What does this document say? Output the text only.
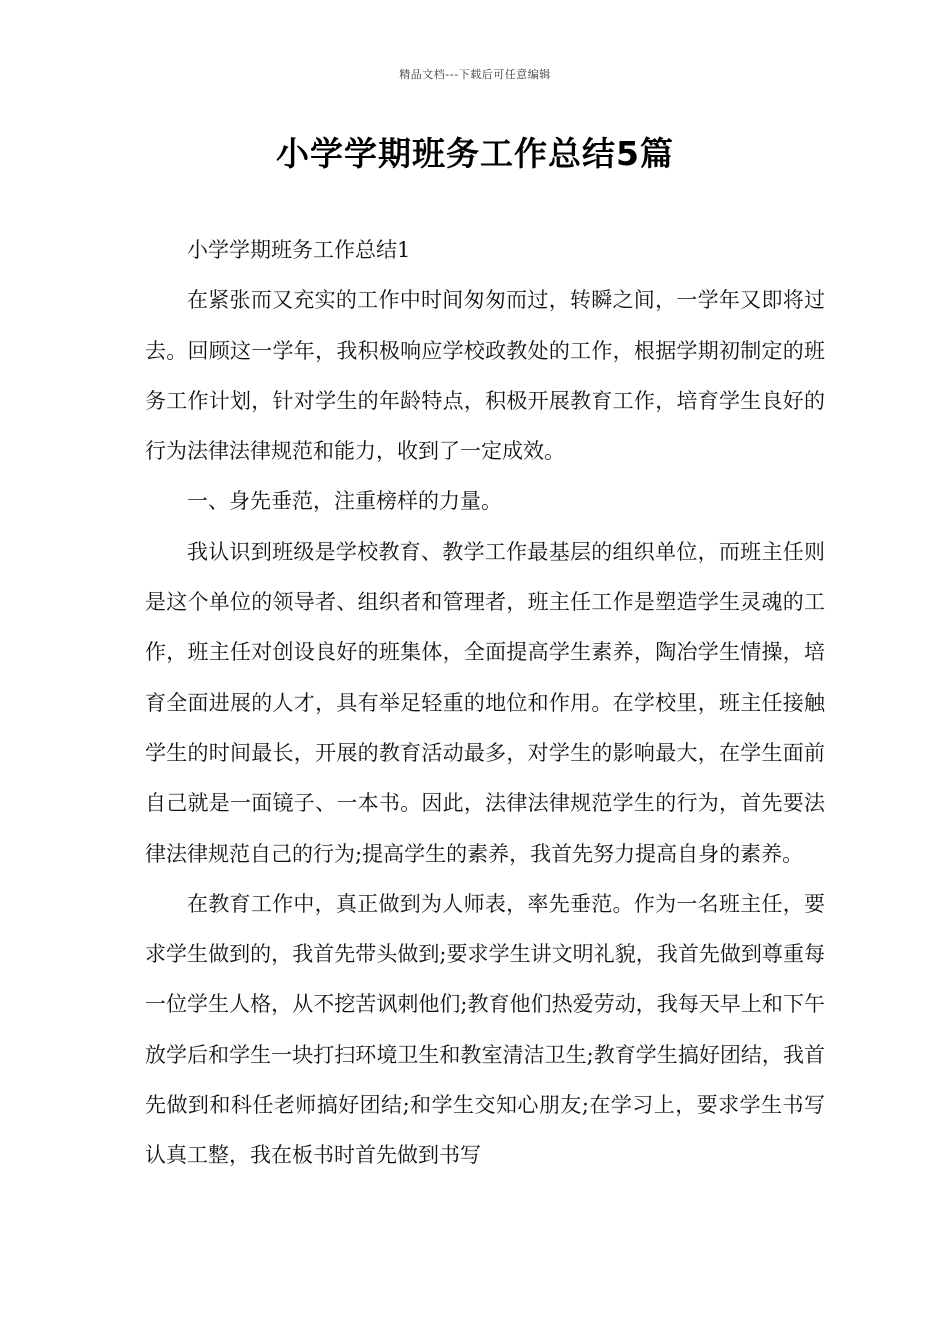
精品文档---下载后可任意编辑
小学学期班务工作总结5篇

小学学期班务工作总结1

在紧张而又充实的工作中时间匆匆而过，转瞬之间，一学年又即将过去。回顾这一学年，我积极响应学校政教处的工作，根据学期初制定的班务工作计划，针对学生的年龄特点，积极开展教育工作，培育学生良好的行为法律法律规范和能力，收到了一定成效。

一、身先垂范，注重榜样的力量。

我认识到班级是学校教育、教学工作最基层的组织单位，而班主任则是这个单位的领导者、组织者和管理者，班主任工作是塑造学生灵魂的工作，班主任对创设良好的班集体，全面提高学生素养，陶冶学生情操，培育全面进展的人才，具有举足轻重的地位和作用。在学校里，班主任接触学生的时间最长，开展的教育活动最多，对学生的影响最大，在学生面前自己就是一面镜子、一本书。因此，法律法律规范学生的行为，首先要法律法律规范自己的行为;提高学生的素养，我首先努力提高自身的素养。

在教育工作中，真正做到为人师表，率先垂范。作为一名班主任，要求学生做到的，我首先带头做到;要求学生讲文明礼貌，我首先做到尊重每一位学生人格，从不挖苦讽刺他们;教育他们热爱劳动，我每天早上和下午放学后和学生一块打扫环境卫生和教室清洁卫生;教育学生搞好团结，我首先做到和科任老师搞好团结;和学生交知心朋友;在学习上，要求学生书写认真工整，我在板书时首先做到书写
